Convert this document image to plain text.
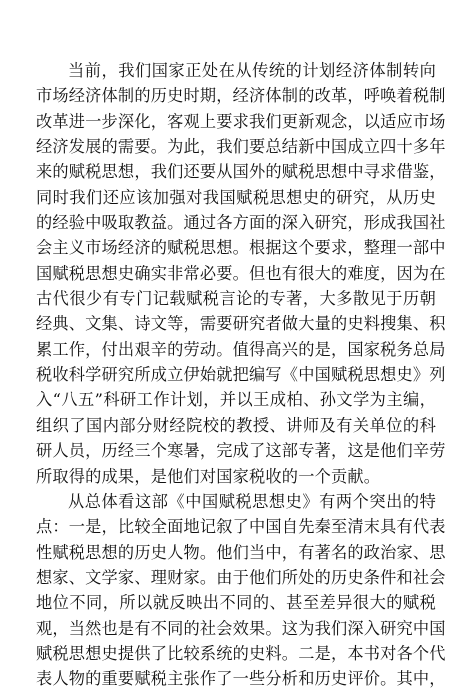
当前，我们国家正处在从传统的计划经济体制转向
市场经济体制的历史时期，经济体制的改革，呼唤着税制
改革进一步深化，客观上要求我们更新观念，以适应市场
经济发展的需要。为此，我们要总结新中国成立四十多年
来的赋税思想，我们还要从国外的赋税思想中寻求借鉴，
同时我们还应该加强对我国赋税思想史的研究，从历史
的经验中吸取教益。通过各方面的深入研究，形成我国社
会主义市场经济的赋税思想。根据这个要求，整理一部中
国赋税思想史确实非常必要。但也有很大的难度，因为在
古代很少有专门记载赋税言论的专著，大多散见于历朝
经典、文集、诗文等，需要研究者做大量的史料搜集、积
累工作，付出艰辛的劳动。值得高兴的是，国家税务总局
税收科学研究所成立伊始就把编写《中国赋税思想史》列
入“八五”科研工作计划，并以王成柏、孙文学为主编，
组织了国内部分财经院校的教授、讲师及有关单位的科
研人员，历经三个寒暑，完成了这部专著，这是他们辛劳
所取得的成果，是他们对国家税收的一个贡献。
从总体看这部《中国赋税思想史》有两个突出的特
点：一是，比较全面地记叙了中国自先秦至清末具有代表
性赋税思想的历史人物。他们当中，有著名的政治家、思
想家、文学家、理财家。由于他们所处的历史条件和社会
地位不同，所以就反映出不同的、甚至差异很大的赋税
观，当然也是有不同的社会效果。这为我们深入研究中国
赋税思想史提供了比较系统的史料。二是，本书对各个代
表人物的重要赋税主张作了一些分析和历史评价。其中，
